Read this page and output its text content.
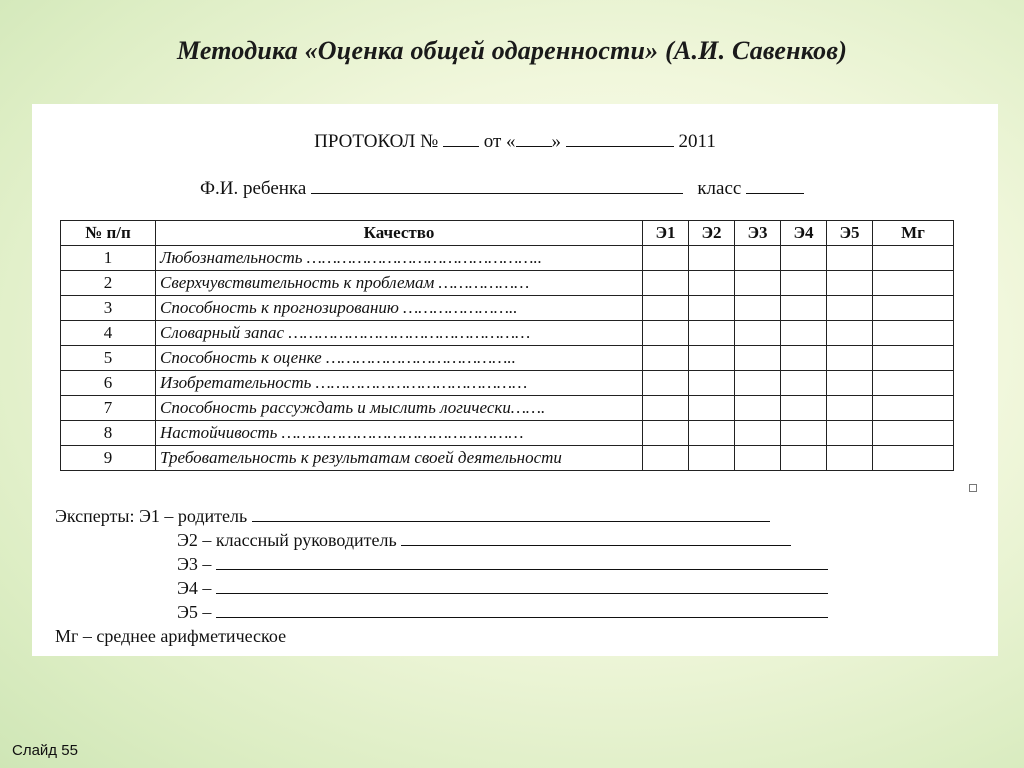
Методика «Оценка общей одаренности» (А.И. Савенков)
ПРОТОКОЛ № от « »	2011
Ф.И. ребенка	класс
№ п/п	Качество	Э1	Э2	Э3	Э4	Э5	Мг
1	Любознательность ………………………………………..						
2	Сверхчувствительность к проблемам ………………						
3	Способность к прогнозированию …………………..						
4	Словарный запас …………………………………………						
5	Способность к оценке ………………………………..						
6	Изобретательность ……………………………………						
7	Способность рассуждать и мыслить логически…….						
8	Настойчивость …………………………………………						
9	Требовательность к результатам своей деятельности						
Эксперты: Э1 – родитель
Э2 – классный руководитель
Э3 –
Э4 –
Э5 –
Мг – среднее арифметическое
Слайд 55
